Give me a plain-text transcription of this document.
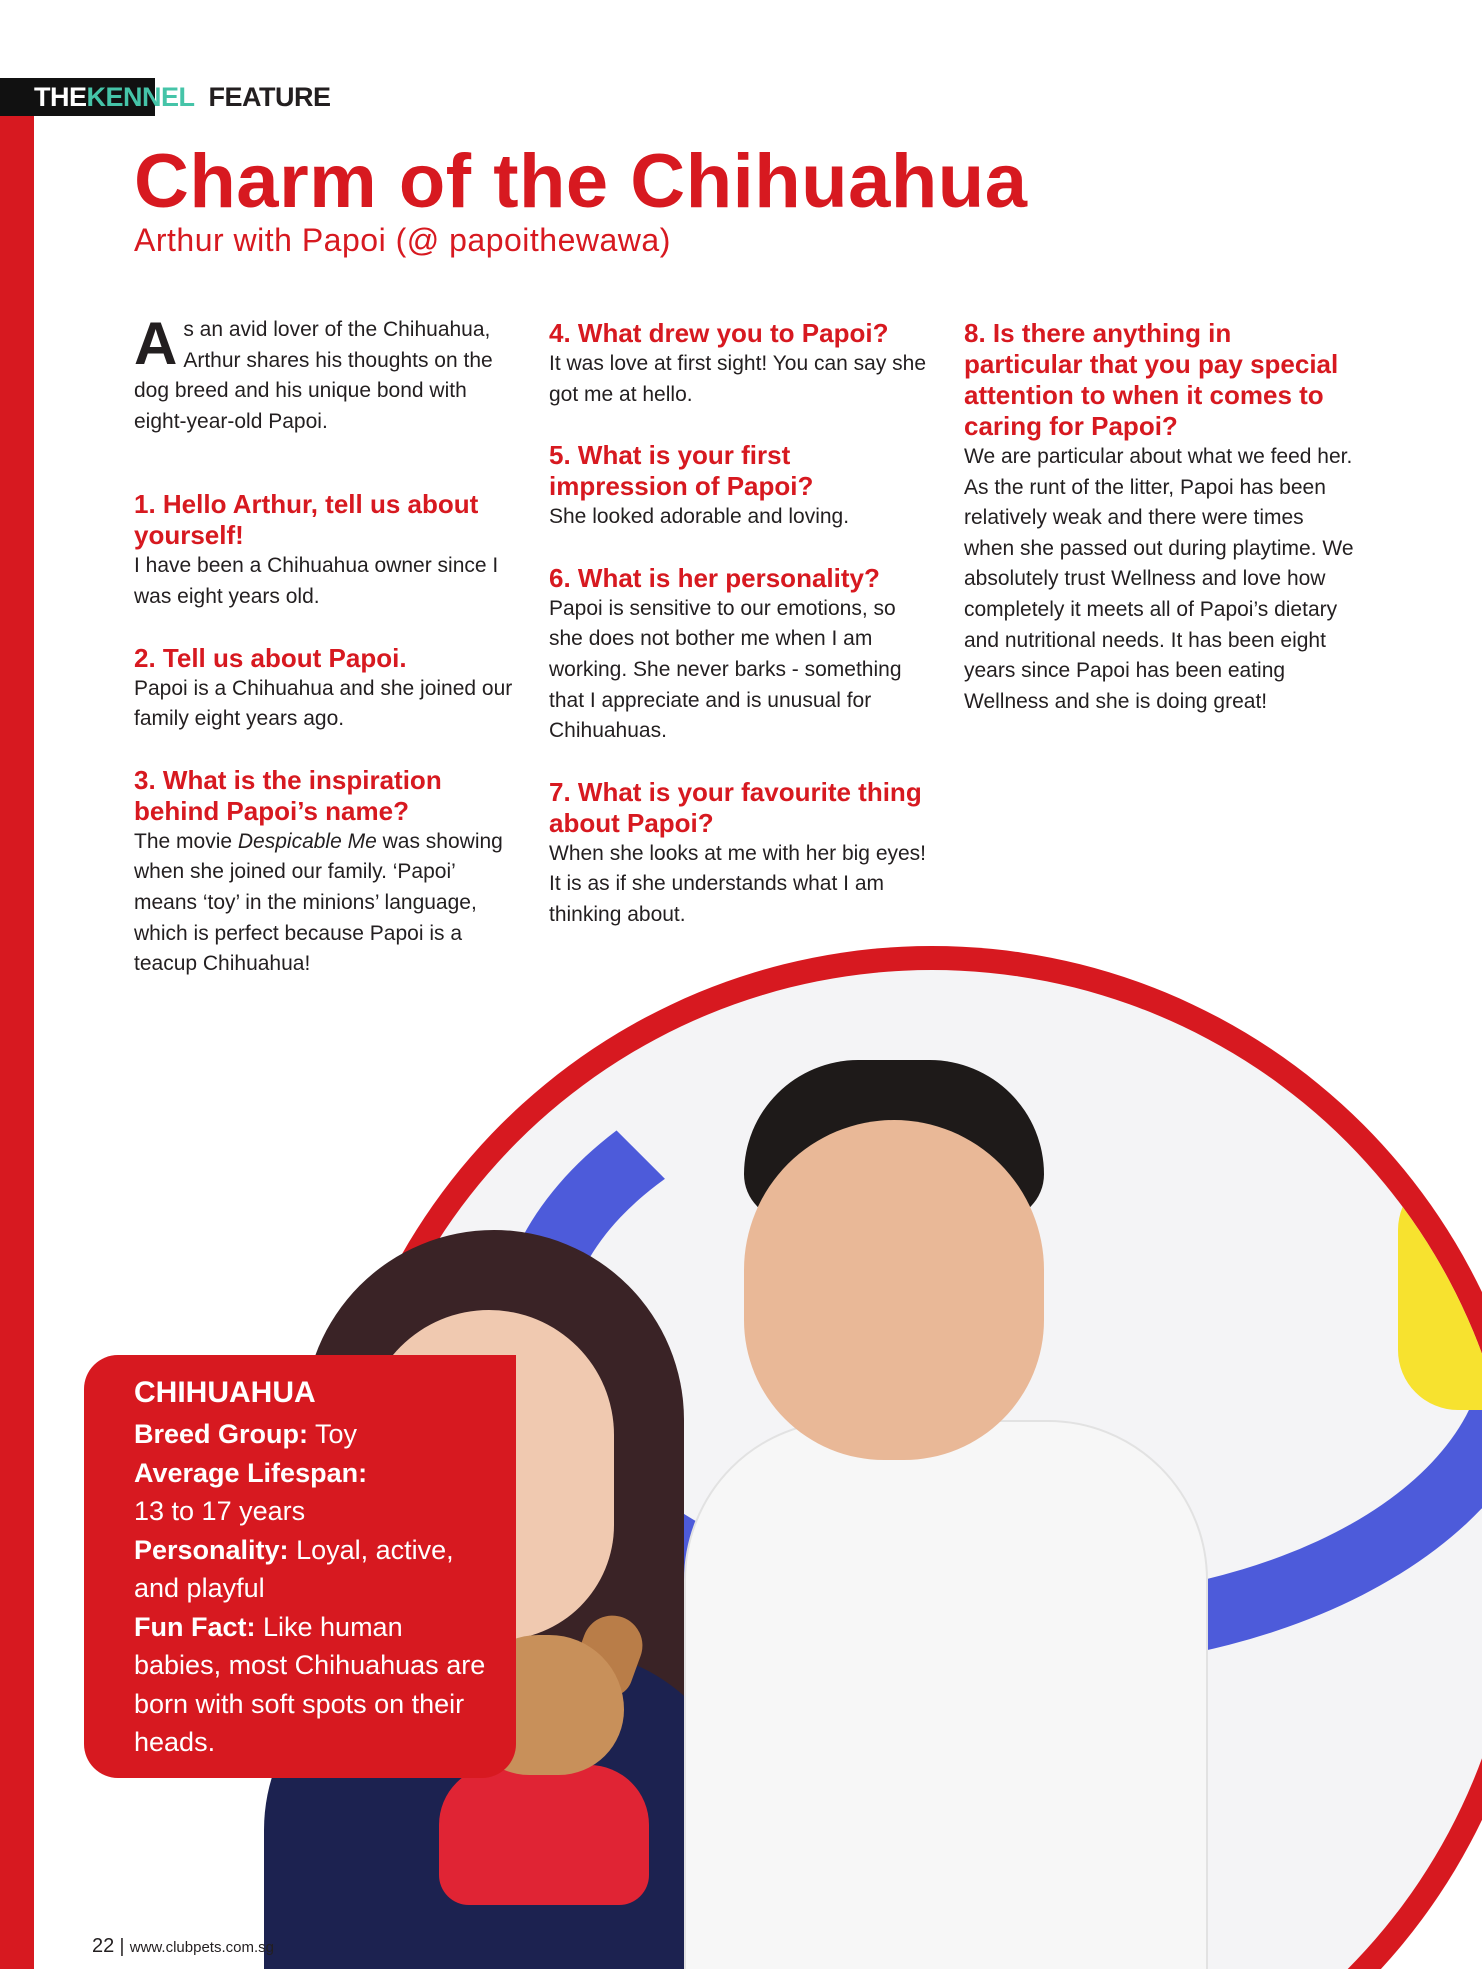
THE KENNEL FEATURE
Charm of the Chihuahua

Arthur with Papoi (@ papoithewawa)

As an avid lover of the Chihuahua, Arthur shares his thoughts on the dog breed and his unique bond with eight-year-old Papoi.

1. Hello Arthur, tell us about yourself!

I have been a Chihuahua owner since I was eight years old.

2. Tell us about Papoi.

Papoi is a Chihuahua and she joined our family eight years ago.

3. What is the inspiration behind Papoi’s name?

The movie Despicable Me was showing when she joined our family. ‘Papoi’ means ‘toy’ in the minions’ language, which is perfect because Papoi is a teacup Chihuahua!

4. What drew you to Papoi?

It was love at first sight! You can say she got me at hello.

5. What is your first impression of Papoi?

She looked adorable and loving.

6. What is her personality?

Papoi is sensitive to our emotions, so she does not bother me when I am working. She never barks - something that I appreciate and is unusual for Chihuahuas.

7. What is your favourite thing about Papoi?

When she looks at me with her big eyes! It is as if she understands what I am thinking about.

8. Is there anything in particular that you pay special attention to when it comes to caring for Papoi?

We are particular about what we feed her. As the runt of the litter, Papoi has been relatively weak and there were times when she passed out during playtime. We absolutely trust Wellness and love how completely it meets all of Papoi’s dietary and nutritional needs. It has been eight years since Papoi has been eating Wellness and she is doing great!

CHIHUAHUA

Breed Group: Toy

Average Lifespan:
13 to 17 years

Personality: Loyal, active, and playful

Fun Fact: Like human babies, most Chihuahuas are born with soft spots on their heads.

22 | www.clubpets.com.sg
